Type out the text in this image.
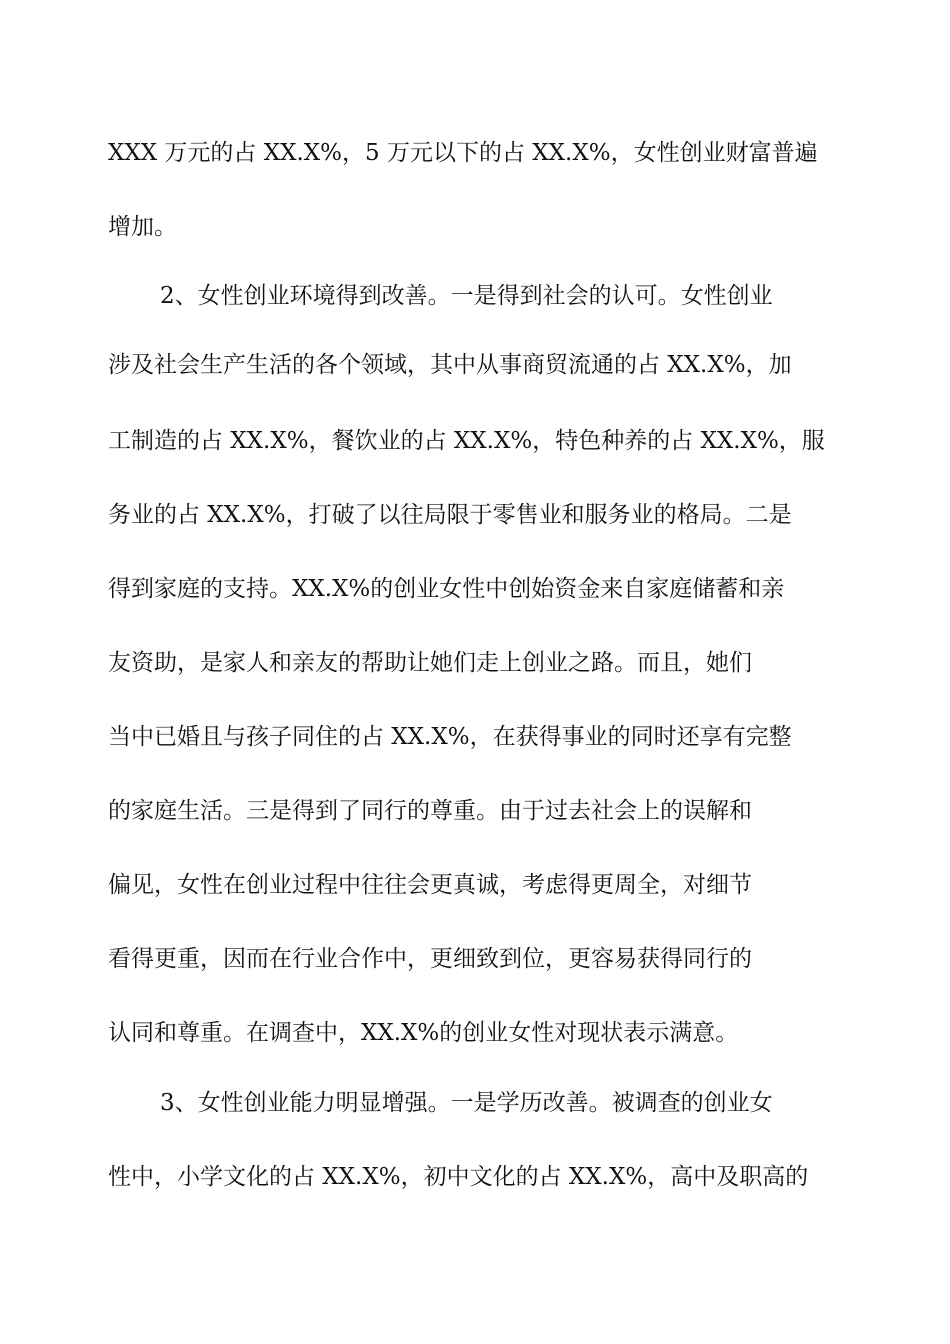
XXX 万元的占 XX.X%，5 万元以下的占 XX.X%，女性创业财富普遍
增加。
2、女性创业环境得到改善。一是得到社会的认可。女性创业
涉及社会生产生活的各个领域，其中从事商贸流通的占 XX.X%，加
工制造的占 XX.X%，餐饮业的占 XX.X%，特色种养的占 XX.X%，服
务业的占 XX.X%，打破了以往局限于零售业和服务业的格局。二是
得到家庭的支持。XX.X%的创业女性中创始资金来自家庭储蓄和亲
友资助，是家人和亲友的帮助让她们走上创业之路。而且，她们
当中已婚且与孩子同住的占 XX.X%，在获得事业的同时还享有完整
的家庭生活。三是得到了同行的尊重。由于过去社会上的误解和
偏见，女性在创业过程中往往会更真诚，考虑得更周全，对细节
看得更重，因而在行业合作中，更细致到位，更容易获得同行的
认同和尊重。在调查中，XX.X%的创业女性对现状表示满意。
3、女性创业能力明显增强。一是学历改善。被调查的创业女
性中，小学文化的占 XX.X%，初中文化的占 XX.X%，高中及职高的
